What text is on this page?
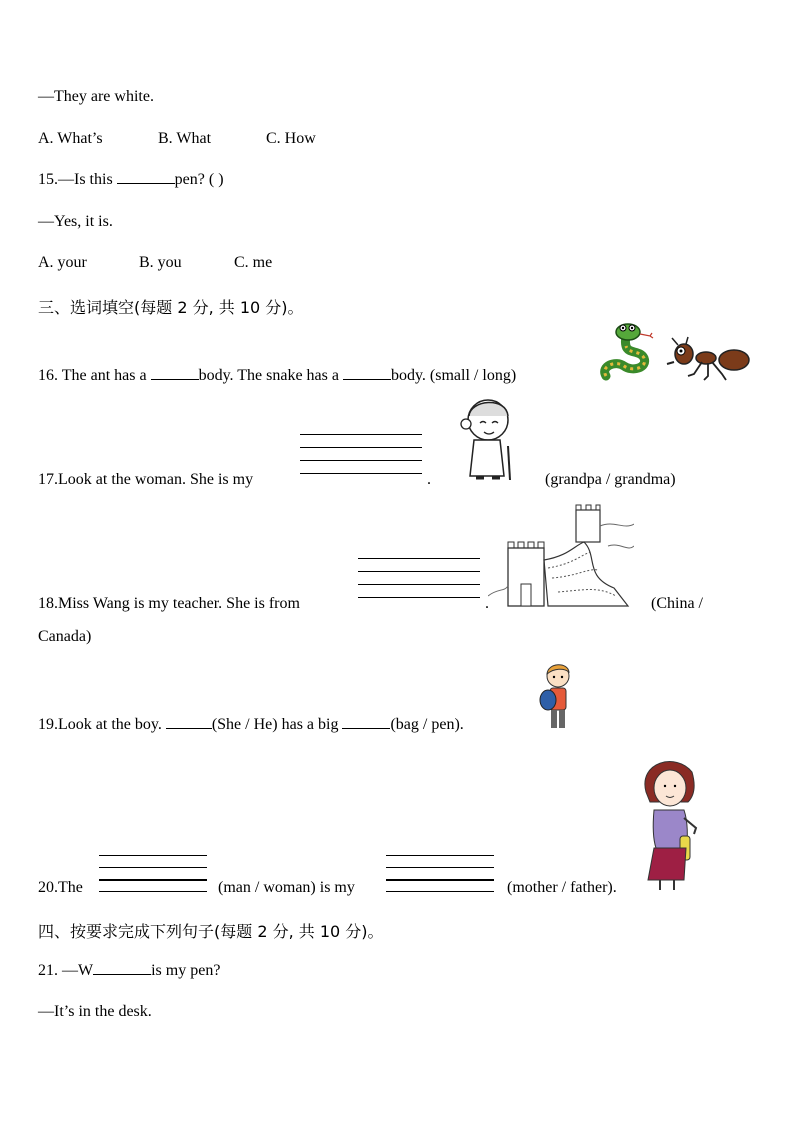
—They are white.
A. What’s	B. What	C. How
15.—Is this	pen? ( )
—Yes, it is.
A. your	B. you	C. me
三、选词填空(每题 2 分, 共 10 分)。
16. The ant has a	body. The snake has a	body. (small / long)
17.Look at the woman. She is my	.	(grandpa / grandma)
18.Miss Wang is my teacher. She is from	.	(China /
Canada)
19.Look at the boy.	(She / He) has a big	(bag / pen).
20.The	(man / woman) is my	(mother / father).
四、按要求完成下列句子(每题 2 分, 共 10 分)。
21. —W	is my pen?
—It’s in the desk.
